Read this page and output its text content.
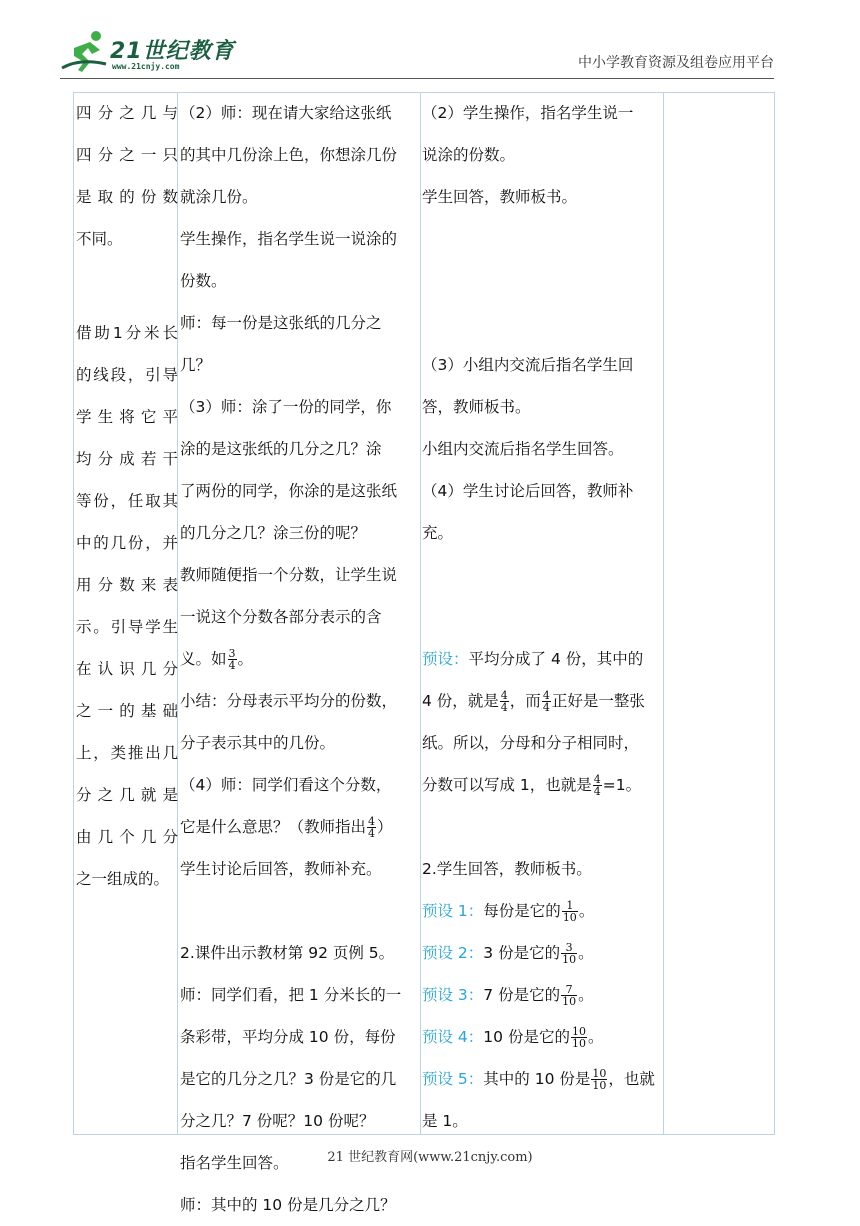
21世纪教育
www.21cnjy.com	中小学教育资源及组卷应用平台
四分之几与
四分之一只
是取的份数
不同。
借助1分米长
的线段，引导
学生将它平
均分成若干
等份，任取其
中的几份，并
用分数来表
示。引导学生
在认识几分
之一的基础
上，类推出几
分之几就是
由几个几分
之一组成的。
（2）师：现在请大家给这张纸
的其中几份涂上色，你想涂几份
就涂几份。
学生操作，指名学生说一说涂的
份数。
师：每一份是这张纸的几分之
几？
（3）师：涂了一份的同学，你
涂的是这张纸的几分之几？涂
了两份的同学，你涂的是这张纸
的几分之几？涂三份的呢？
教师随便指一个分数，让学生说
一说这个分数各部分表示的含
义。如 $\frac{3}{4}$ 。
小结：分母表示平均分的份数，
分子表示其中的几份。
（4）师：同学们看这个分数，
它是什么意思？（教师指出 $\frac{4}{4}$ ）
学生讨论后回答，教师补充。
2.课件出示教材第 92 页例 5。
师：同学们看，把 1 分米长的一
条彩带，平均分成 10 份，每份
是它的几分之几？3 份是它的几
分之几？7 份呢？10 份呢？
指名学生回答。
师：其中的 10 份是几分之几？
（2）学生操作，指名学生说一
说涂的份数。
学生回答，教师板书。
（3）小组内交流后指名学生回
答，教师板书。
小组内交流后指名学生回答。
（4）学生讨论后回答，教师补
充。
预设：平均分成了 4 份，其中的
4 份，就是 $\frac{4}{4}$ ，而 $\frac{4}{4}$ 正好是一整张
纸。所以，分母和分子相同时，
分数可以写成 1，也就是 $\frac{4}{4} =1$。
2.学生回答，教师板书。
预设 1：每份是它的 $\frac{1}{10}$ 。
预设 2：3 份是它的 $\frac{3}{10}$ 。
预设 3：7 份是它的 $\frac{7}{10}$ 。
预设 4：10 份是它的 $\frac{10}{10}$ 。
预设 5：其中的 10 份是 $\frac{10}{10}$ ，也就
是 1。
21 世纪教育网(www.21cnjy.com)
